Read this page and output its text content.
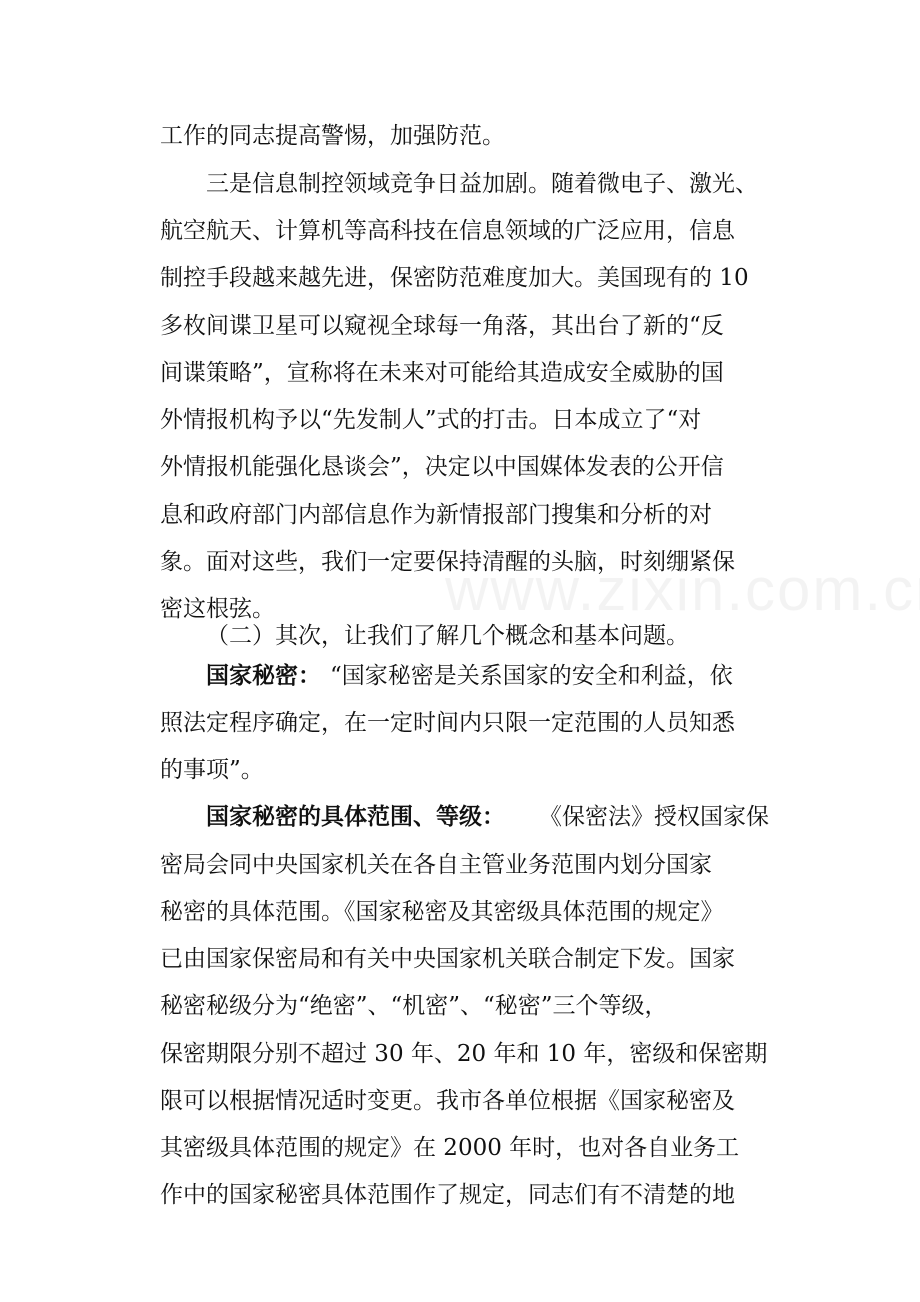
工作的同志提高警惕，加强防范。
三是信息制控领域竞争日益加剧。随着微电子、激光、
航空航天、计算机等高科技在信息领域的广泛应用，信息
制控手段越来越先进，保密防范难度加大。美国现有的 10
多枚间谍卫星可以窥视全球每一角落，其出台了新的“反
间谍策略”，宣称将在未来对可能给其造成安全威胁的国
外情报机构予以“先发制人”式的打击。日本成立了“对
外情报机能强化恳谈会”，决定以中国媒体发表的公开信
息和政府部门内部信息作为新情报部门搜集和分析的对
象。面对这些，我们一定要保持清醒的头脑，时刻绷紧保
密这根弦。
（二）其次，让我们了解几个概念和基本问题。
国家秘密： “国家秘密是关系国家的安全和利益，依
照法定程序确定，在一定时间内只限一定范围的人员知悉
的事项”。
国家秘密的具体范围、等级： 《保密法》授权国家保
密局会同中央国家机关在各自主管业务范围内划分国家
秘密的具体范围。《国家秘密及其密级具体范围的规定》
已由国家保密局和有关中央国家机关联合制定下发。国家
秘密秘级分为“绝密”、“机密”、“秘密”三个等级，
保密期限分别不超过 30 年、20 年和 10 年，密级和保密期
限可以根据情况适时变更。我市各单位根据《国家秘密及
其密级具体范围的规定》在 2000 年时，也对各自业务工
作中的国家秘密具体范围作了规定，同志们有不清楚的地
